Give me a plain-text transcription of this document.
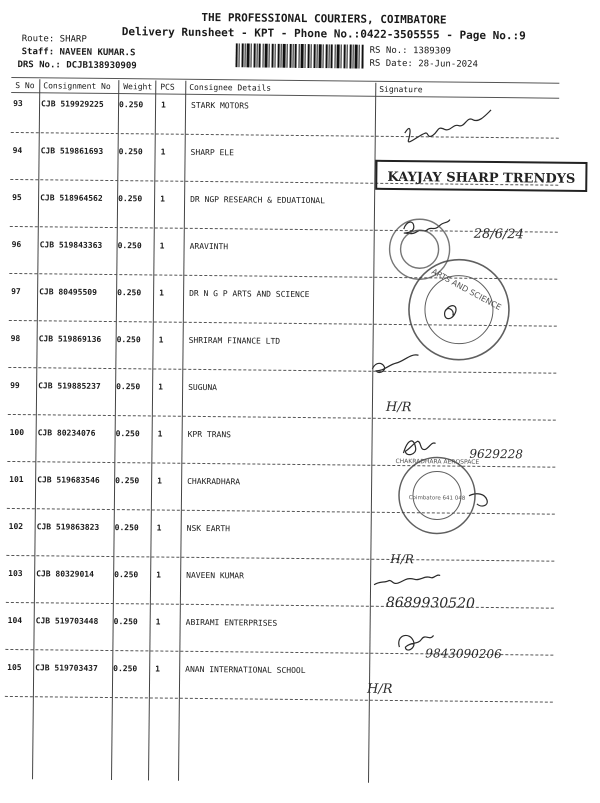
THE PROFESSIONAL COURIERS, COIMBATORE
Delivery Runsheet - KPT - Phone No.:0422-3505555 - Page No.:9
Route: SHARP
Staff: NAVEEN KUMAR.S
DRS No.: DCJB138930909
RS No.: 1389309
RS Date: 28-Jun-2024
S No Consignment No Weight PCS Consignee Details	Signature
93 CJB 519929225 0.250 1	STARK MOTORS
94 CJB 519861693 0.250 1	SHARP ELE
95 CJB 518964562 0.250 1	DR NGP RESEARCH & EDUATIONAL
96 CJB 519843363 0.250 1	ARAVINTH
97 CJB 80495509	0.250 1	DR N G P ARTS AND SCIENCE
98 CJB 519869136 0.250 1	SHRIRAM FINANCE LTD
99 CJB 519885237 0.250 1	SUGUNA
100 CJB 80234076	0.250 1	KPR TRANS
101 CJB 519683546 0.250 1	CHAKRADHARA
102 CJB 519863823 0.250 1	NSK EARTH
103 CJB 80329014	0.250 1	NAVEEN KUMAR
104 CJB 519703448 0.250 1	ABIRAMI ENTERPRISES
105 CJB 519703437 0.250 1	ANAN INTERNATIONAL SCHOOL
KAYJAY SHARP TRENDYS
ARTS AND SCIENCE
CHAKRADHARA AEROSPACE
Coimbatore 641 048
28/6/24
9629228
H/R
H/R
8689930520
9843090206
H/R
